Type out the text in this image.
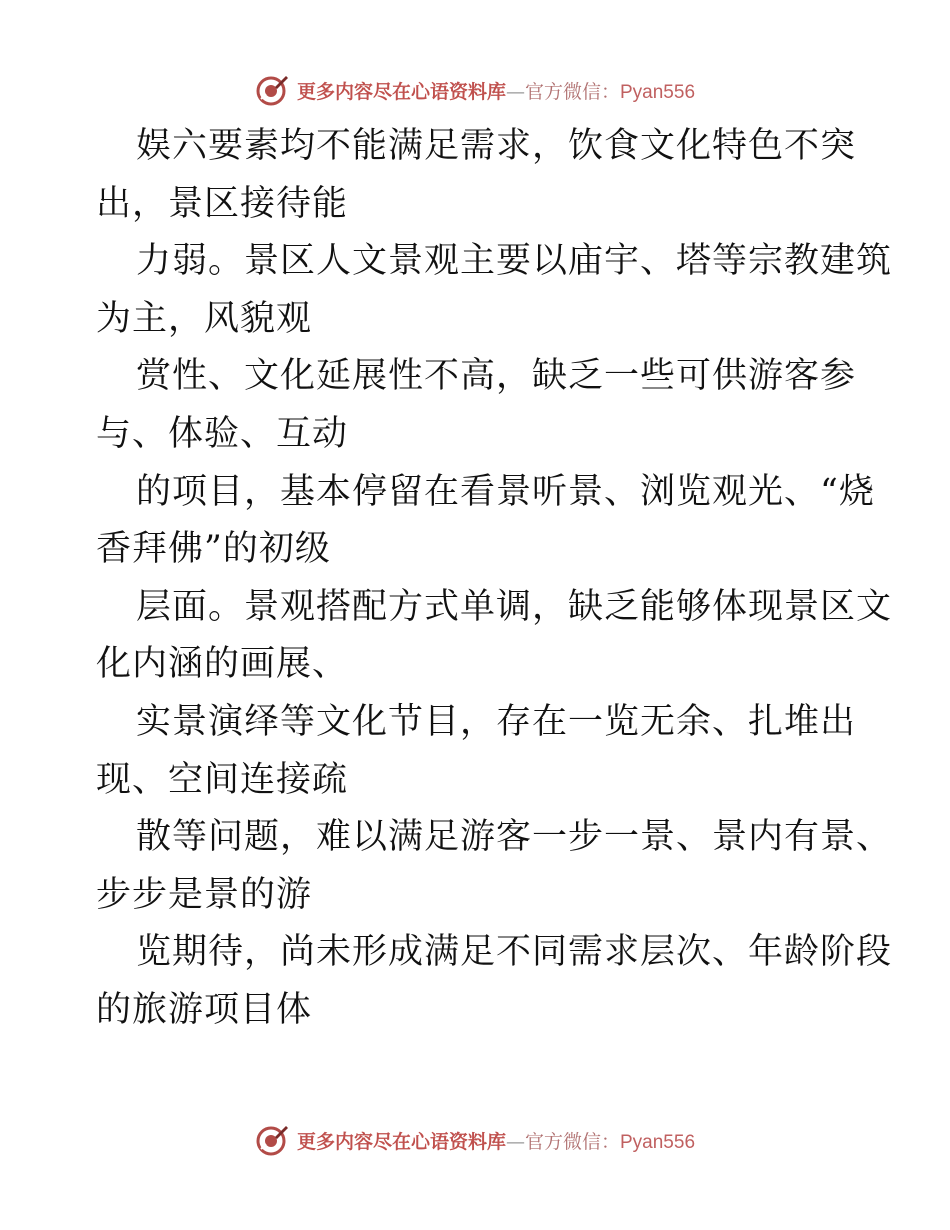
更多内容尽在心语资料库—官方微信：Pyan556
娱六要素均不能满足需求，饮食文化特色不突
出，景区接待能
力弱。景区人文景观主要以庙宇、塔等宗教建筑
为主，风貌观
赏性、文化延展性不高，缺乏一些可供游客参
与、体验、互动
的项目，基本停留在看景听景、浏览观光、“烧
香拜佛”的初级
层面。景观搭配方式单调，缺乏能够体现景区文
化内涵的画展、
实景演绎等文化节目，存在一览无余、扎堆出
现、空间连接疏
散等问题，难以满足游客一步一景、景内有景、
步步是景的游
览期待，尚未形成满足不同需求层次、年龄阶段
的旅游项目体
更多内容尽在心语资料库—官方微信：Pyan556
